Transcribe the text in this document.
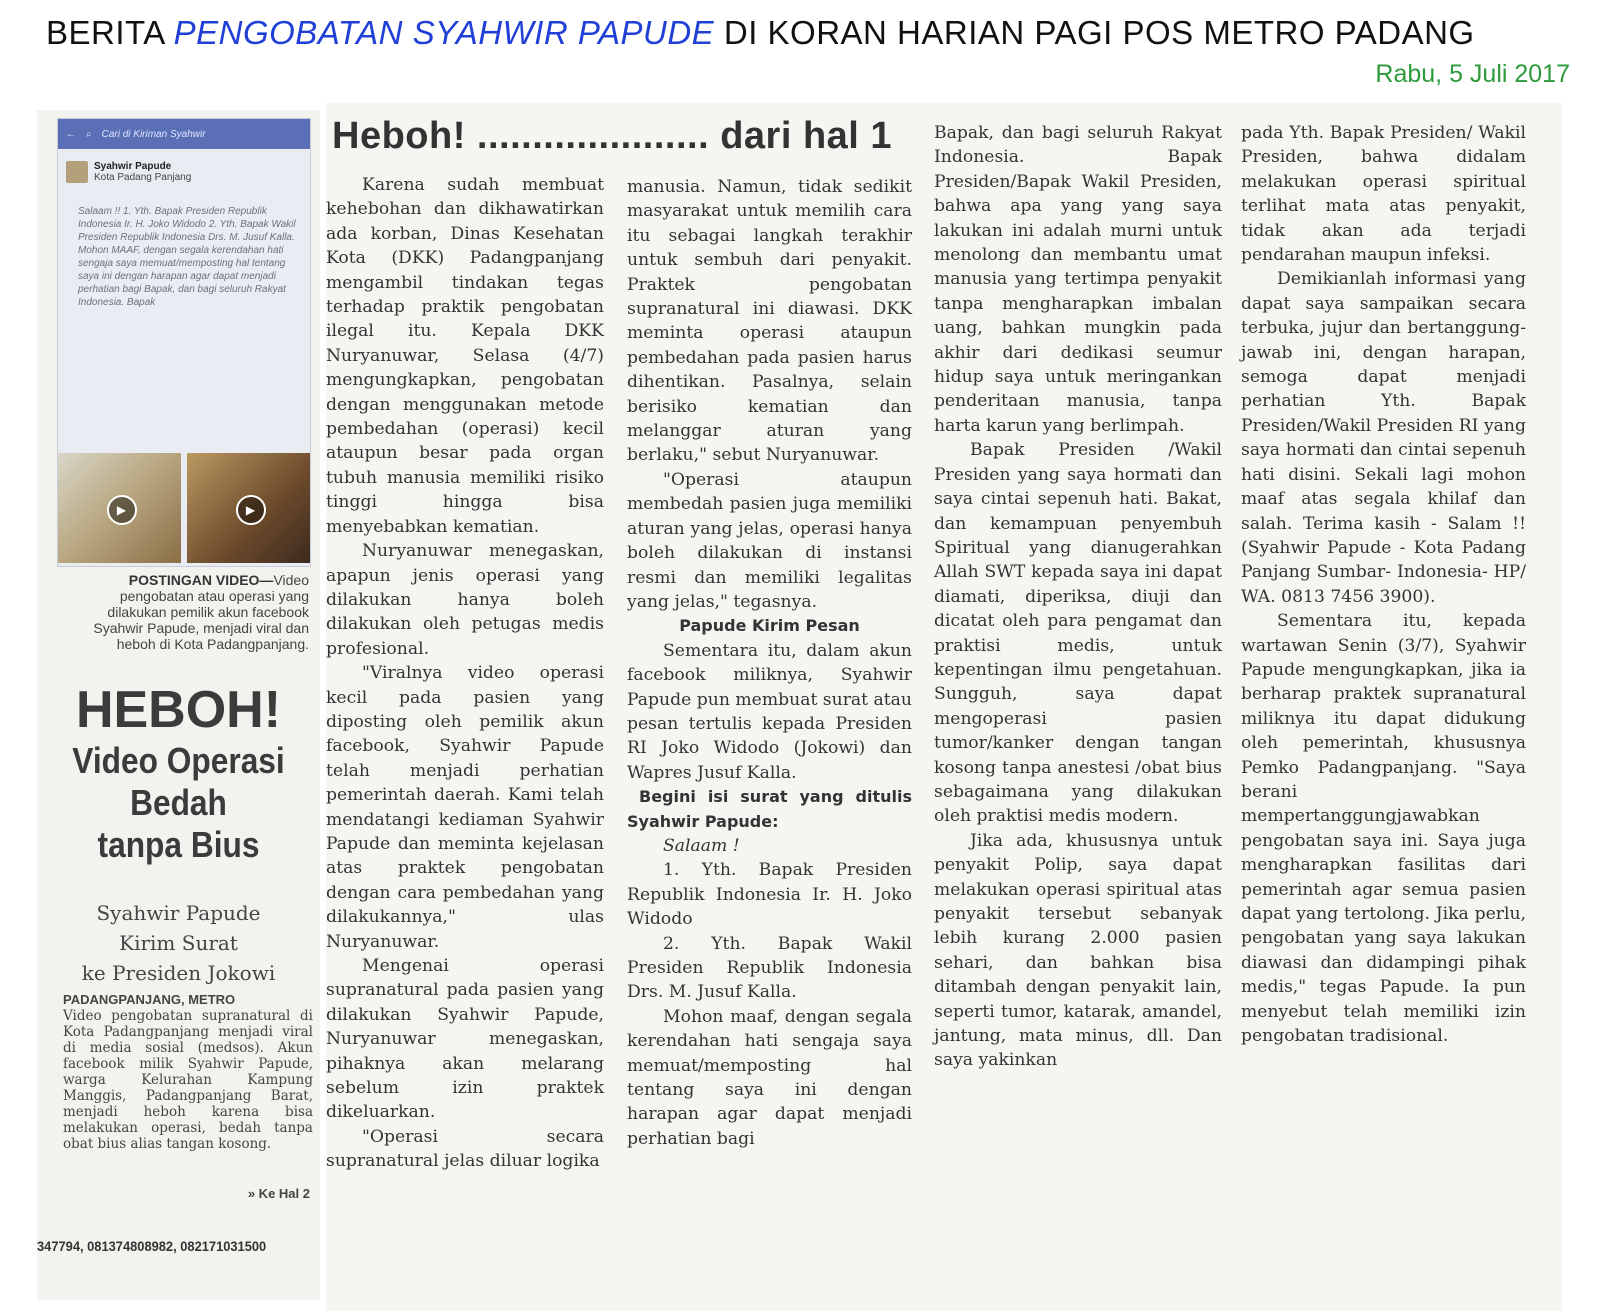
BERITA PENGOBATAN SYAHWIR PAPUDE DI KORAN HARIAN PAGI POS METRO PADANG
Rabu, 5 Juli 2017
← ⌕ Cari di Kiriman Syahwir
Syahwir Papude
Kota Padang Panjang
Salaam !! 1. Yth. Bapak Presiden Republik Indonesia Ir. H. Joko Widodo 2. Yth. Bapak Wakil Presiden Republik Indonesia Drs. M. Jusuf Kalla. Mohon MAAF, dengan segala kerendahan hati sengaja saya memuat/memposting hal tentang saya ini dengan harapan agar dapat menjadi perhatian bagi Bapak, dan bagi seluruh Rakyat Indonesia. Bapak
▶	▶
POSTINGAN VIDEO—Video pengobatan atau operasi yang dilakukan pemilik akun facebook Syahwir Papude, menjadi viral dan heboh di Kota Padangpanjang.
HEBOH!
Video Operasi
Bedah
tanpa Bius
Syahwir Papude
Kirim Surat
ke Presiden Jokowi
PADANGPANJANG, METRO
Video pengobatan supranatural di Kota Padangpanjang menjadi viral di media sosial (medsos). Akun facebook milik Syahwir Papude, warga Kelurahan Kampung Manggis, Padangpanjang Barat, menjadi heboh karena bisa melakukan operasi, bedah tanpa obat bius alias tangan kosong.
» Ke Hal 2
347794, 081374808982, 082171031500
Heboh! ..................... dari hal 1

Karena sudah membuat kehebohan dan dikhawatirkan ada korban, Dinas Kesehatan Kota (DKK) Padangpanjang mengambil tindakan tegas terhadap praktik pengobatan ilegal itu. Kepala DKK Nuryanuwar, Selasa (4/7) mengungkapkan, pengobatan dengan menggunakan metode pembedahan (operasi) kecil ataupun besar pada organ tubuh manusia memiliki risiko tinggi hingga bisa menyebabkan kematian.

Nuryanuwar menegaskan, apapun jenis operasi yang dilakukan hanya boleh dilakukan oleh petugas medis profesional.

"Viralnya video operasi kecil pada pasien yang diposting oleh pemilik akun facebook, Syahwir Papude telah menjadi perhatian pemerintah daerah. Kami telah mendatangi kediaman Syahwir Papude dan meminta kejelasan atas praktek pengobatan dengan cara pembedahan yang dilakukannya," ulas Nuryanuwar.

Mengenai operasi supranatural pada pasien yang dilakukan Syahwir Papude, Nuryanuwar menegaskan, pihaknya akan melarang sebelum izin praktek dikeluarkan.

"Operasi secara supranatural jelas diluar logika

manusia. Namun, tidak sedikit masyarakat untuk memilih cara itu sebagai langkah terakhir untuk sembuh dari penyakit. Praktek pengobatan supranatural ini diawasi. DKK meminta operasi ataupun pembedahan pada pasien harus dihentikan. Pasalnya, selain berisiko kematian dan melanggar aturan yang berlaku," sebut Nuryanuwar.

"Operasi ataupun membedah pasien juga memiliki aturan yang jelas, operasi hanya boleh dilakukan di instansi resmi dan memiliki legalitas yang jelas," tegasnya.

Papude Kirim Pesan

Sementara itu, dalam akun facebook miliknya, Syahwir Papude pun membuat surat atau pesan tertulis kepada Presiden RI Joko Widodo (Jokowi) dan Wapres Jusuf Kalla.

Begini isi surat yang ditulis Syahwir Papude:

Salaam !

1. Yth. Bapak Presiden Republik Indonesia Ir. H. Joko Widodo

2. Yth. Bapak Wakil Presiden Republik Indonesia Drs. M. Jusuf Kalla.

Mohon maaf, dengan segala kerendahan hati sengaja saya memuat/memposting hal tentang saya ini dengan harapan agar dapat menjadi perhatian bagi

Bapak, dan bagi seluruh Rakyat Indonesia. Bapak Presiden/Bapak Wakil Presiden, bahwa apa yang yang saya lakukan ini adalah murni untuk menolong dan membantu umat manusia yang tertimpa penyakit tanpa mengharapkan imbalan uang, bahkan mungkin pada akhir dari dedikasi seumur hidup saya untuk meringankan penderitaan manusia, tanpa harta karun yang berlimpah.

Bapak Presiden /Wakil Presiden yang saya hormati dan saya cintai sepenuh hati. Bakat, dan kemampuan penyembuh Spiritual yang dianugerahkan Allah SWT kepada saya ini dapat diamati, diperiksa, diuji dan dicatat oleh para pengamat dan praktisi medis, untuk kepentingan ilmu pengetahuan. Sungguh, saya dapat mengoperasi pasien tumor/kanker dengan tangan kosong tanpa anestesi /obat bius sebagaimana yang dilakukan oleh praktisi medis modern.

Jika ada, khususnya untuk penyakit Polip, saya dapat melakukan operasi spiritual atas penyakit tersebut sebanyak lebih kurang 2.000 pasien sehari, dan bahkan bisa ditambah dengan penyakit lain, seperti tumor, katarak, amandel, jantung, mata minus, dll. Dan saya yakinkan

pada Yth. Bapak Presiden/ Wakil Presiden, bahwa didalam melakukan operasi spiritual terlihat mata atas penyakit, tidak akan ada terjadi pendarahan maupun infeksi.

Demikianlah informasi yang dapat saya sampaikan secara terbuka, jujur dan bertanggung-jawab ini, dengan harapan, semoga dapat menjadi perhatian Yth. Bapak Presiden/Wakil Presiden RI yang saya hormati dan cintai sepenuh hati disini. Sekali lagi mohon maaf atas segala khilaf dan salah. Terima kasih - Salam !! (Syahwir Papude - Kota Padang Panjang Sumbar- Indonesia- HP/ WA. 0813 7456 3900).

Sementara itu, kepada wartawan Senin (3/7), Syahwir Papude mengungkapkan, jika ia berharap praktek supranatural miliknya itu dapat didukung oleh pemerintah, khususnya Pemko Padangpanjang. "Saya berani mempertanggungjawabkan pengobatan saya ini. Saya juga mengharapkan fasilitas dari pemerintah agar semua pasien dapat yang tertolong. Jika perlu, pengobatan yang saya lakukan diawasi dan didampingi pihak medis," tegas Papude. Ia pun menyebut telah memiliki izin pengobatan tradisional.
